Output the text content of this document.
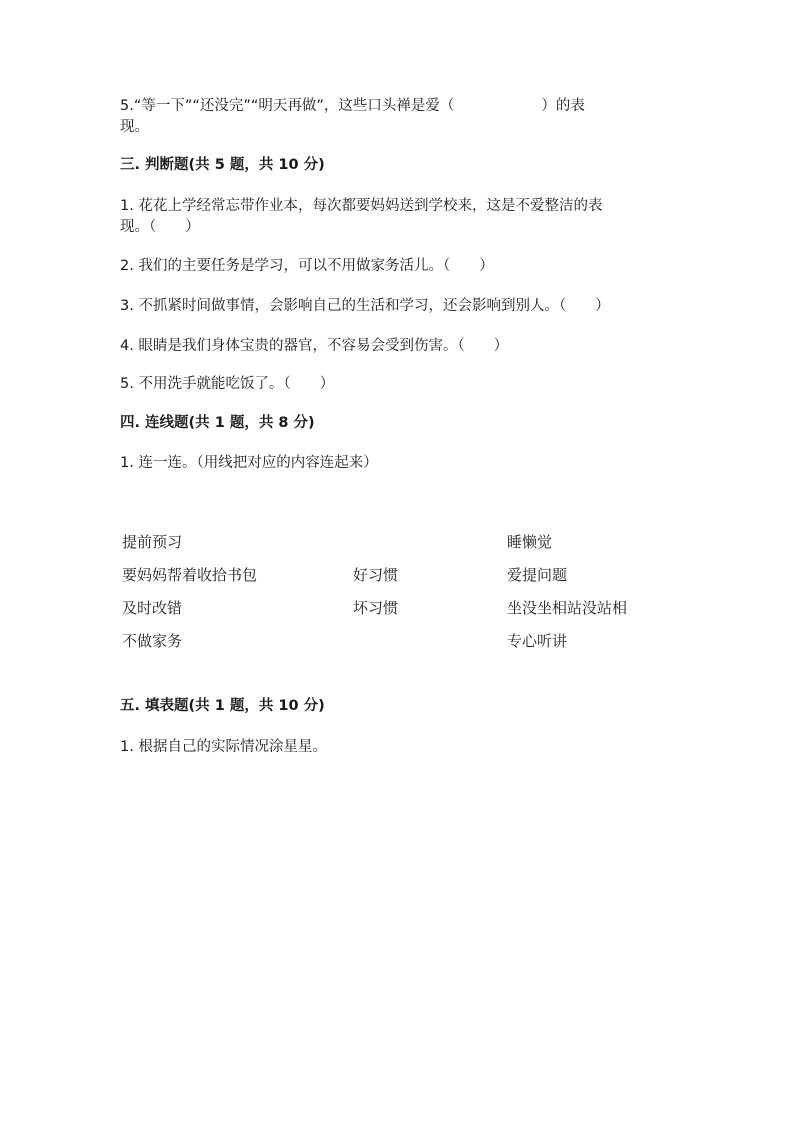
5.“等一下”“还没完”“明天再做”，这些口头禅是爱（　　　　　　）的表
现。
三. 判断题(共 5 题，共 10 分)
1. 花花上学经常忘带作业本，每次都要妈妈送到学校来，这是不爱整洁的表
现。（　　）
2. 我们的主要任务是学习，可以不用做家务活儿。（　　）
3. 不抓紧时间做事情，会影响自己的生活和学习，还会影响到别人。（　　）
4. 眼睛是我们身体宝贵的器官，不容易会受到伤害。（　　）
5. 不用洗手就能吃饭了。（　　）
四. 连线题(共 1 题，共 8 分)
1. 连一连。（用线把对应的内容连起来）
提前预习
要妈妈帮着收拾书包
及时改错
不做家务
好习惯
坏习惯
睡懒觉
爱提问题
坐没坐相站没站相
专心听讲
五. 填表题(共 1 题，共 10 分)
1. 根据自己的实际情况涂星星。
